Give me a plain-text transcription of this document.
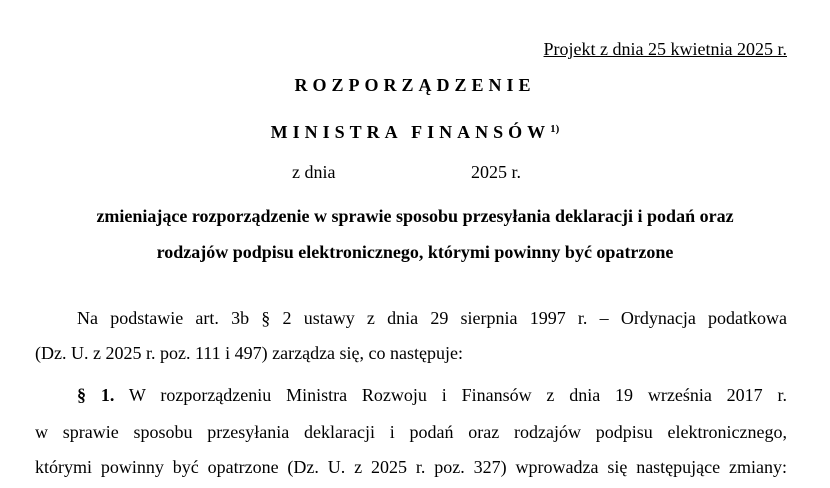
Projekt z dnia 25 kwietnia 2025 r.
ROZPORZĄDZENIE
MINISTRA FINANSÓW$^{1)}$
z dnia	2025 r.
zmieniające rozporządzenie w sprawie sposobu przesyłania deklaracji i podań oraz
rodzajów podpisu elektronicznego, którymi powinny być opatrzone
Na podstawie art. 3b § 2 ustawy z dnia 29 sierpnia 1997 r. – Ordynacja podatkowa
(Dz. U. z 2025 r. poz. 111 i 497) zarządza się, co następuje:
§ 1. W rozporządzeniu Ministra Rozwoju i Finansów z dnia 19 września 2017 r.
w sprawie sposobu przesyłania deklaracji i podań oraz rodzajów podpisu elektronicznego,
którymi powinny być opatrzone (Dz. U. z 2025 r. poz. 327) wprowadza się następujące zmiany:
